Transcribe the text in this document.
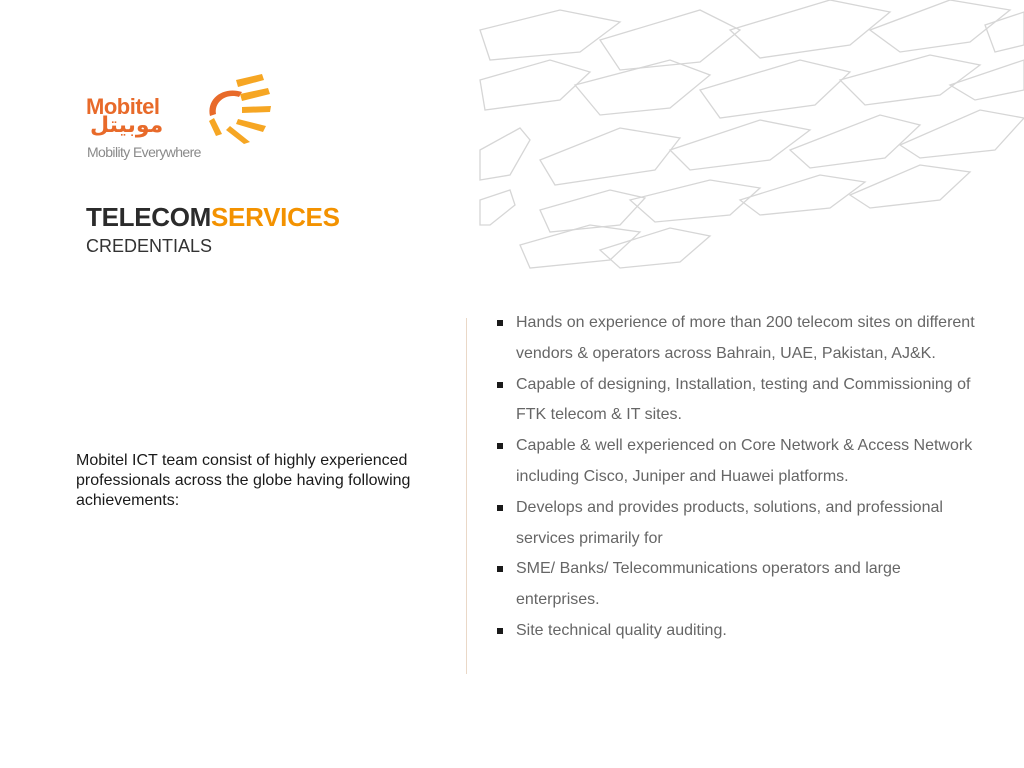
Mobitel
موبيتل
Mobility Everywhere
TELECOMSERVICES
CREDENTIALS
Mobitel ICT team consist of highly experienced professionals across the globe having following achievements:
Hands on experience of more than 200 telecom sites on different vendors & operators across Bahrain, UAE, Pakistan, AJ&K.
Capable of designing, Installation, testing and Commissioning of FTK telecom & IT sites.
Capable & well experienced on Core Network & Access Network including Cisco, Juniper and Huawei platforms.
Develops and provides products, solutions, and professional services primarily for
SME/ Banks/ Telecommunications operators and large enterprises.
Site technical quality auditing.
